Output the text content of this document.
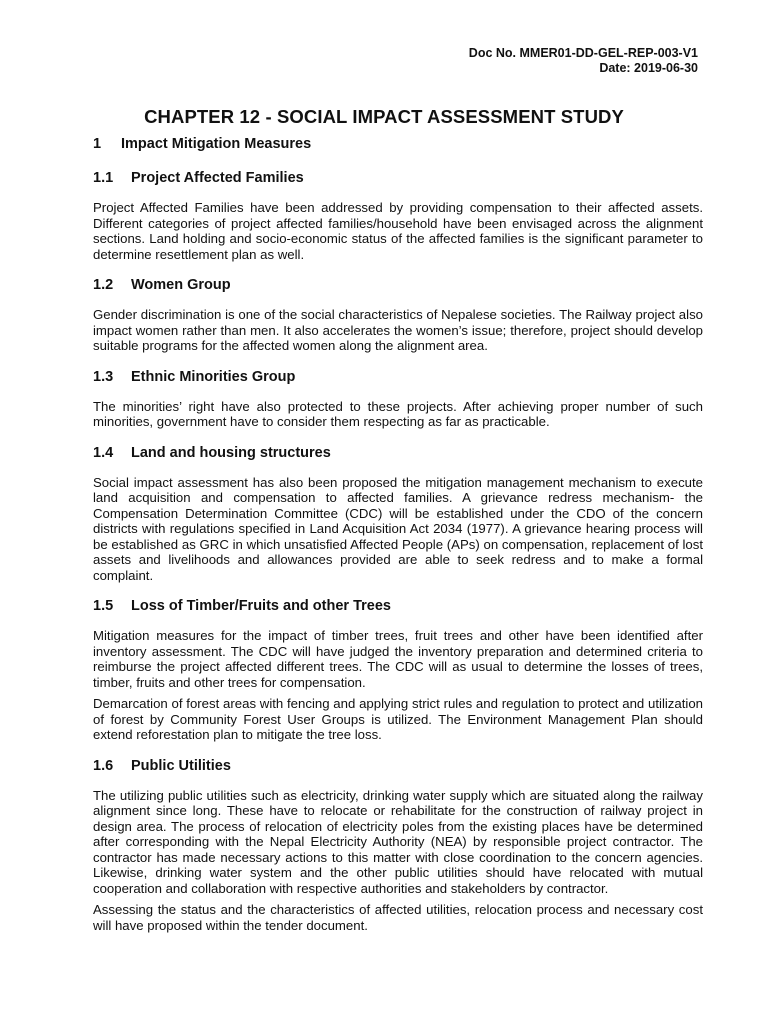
Doc No. MMER01-DD-GEL-REP-003-V1
Date: 2019-06-30
CHAPTER 12 - SOCIAL IMPACT ASSESSMENT STUDY
1 Impact Mitigation Measures
1.1 Project Affected Families

Project Affected Families have been addressed by providing compensation to their affected assets. Different categories of project affected families/household have been envisaged across the alignment sections. Land holding and socio-economic status of the affected families is the significant parameter to determine resettlement plan as well.

1.2 Women Group

Gender discrimination is one of the social characteristics of Nepalese societies. The Railway project also impact women rather than men. It also accelerates the women’s issue; therefore, project should develop suitable programs for the affected women along the alignment area.

1.3 Ethnic Minorities Group

The minorities’ right have also protected to these projects. After achieving proper number of such minorities, government have to consider them respecting as far as practicable.

1.4 Land and housing structures

Social impact assessment has also been proposed the mitigation management mechanism to execute land acquisition and compensation to affected families. A grievance redress mechanism- the Compensation Determination Committee (CDC) will be established under the CDO of the concern districts with regulations specified in Land Acquisition Act 2034 (1977). A grievance hearing process will be established as GRC in which unsatisfied Affected People (APs) on compensation, replacement of lost assets and livelihoods and allowances provided are able to seek redress and to make a formal complaint.

1.5 Loss of Timber/Fruits and other Trees

Mitigation measures for the impact of timber trees, fruit trees and other have been identified after inventory assessment. The CDC will have judged the inventory preparation and determined criteria to reimburse the project affected different trees. The CDC will as usual to determine the losses of trees, timber, fruits and other trees for compensation.

Demarcation of forest areas with fencing and applying strict rules and regulation to protect and utilization of forest by Community Forest User Groups is utilized. The Environment Management Plan should extend reforestation plan to mitigate the tree loss.

1.6 Public Utilities

The utilizing public utilities such as electricity, drinking water supply which are situated along the railway alignment since long. These have to relocate or rehabilitate for the construction of railway project in design area. The process of relocation of electricity poles from the existing places have be determined after corresponding with the Nepal Electricity Authority (NEA) by responsible project contractor. The contractor has made necessary actions to this matter with close coordination to the concern agencies. Likewise, drinking water system and the other public utilities should have relocated with mutual cooperation and collaboration with respective authorities and stakeholders by contractor.

Assessing the status and the characteristics of affected utilities, relocation process and necessary cost will have proposed within the tender document.
